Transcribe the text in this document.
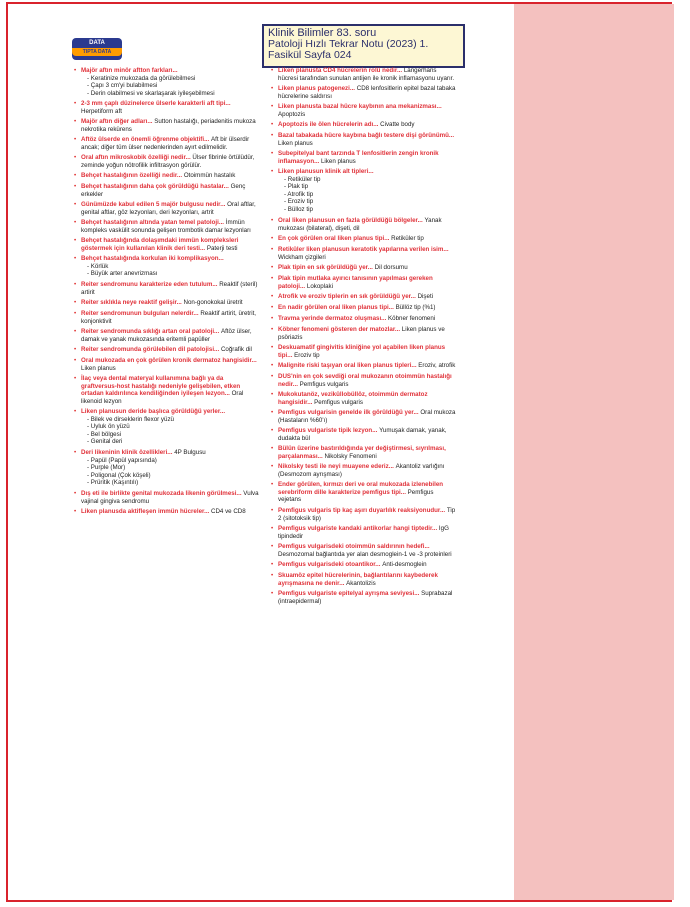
Klinik Bilimler 83. soru
Patoloji Hızlı Tekrar Notu (2023) 1.
Fasikül Sayfa 024
DATA
TIPTA DATA
• Majör aftın minör aftton farkları...
- Keratinize mukozada da görülebilmesi
- Çapı 3 cm'yi bulabilmesi
- Derin olabilmesi ve skarlaşarak iyileşebilmesi
• 2-3 mm çaplı düzinelerce ülserle karakterli aft tipi... Herpetiform aft
• Majör aftın diğer adları... Sutton hastalığı, periadenitis mukoza nekrotika rekürens
• Aftöz ülserde en önemli öğrenme objektifi... Aft bir ülserdir ancak; diğer tüm ülser nedenlerinden ayırt edilmelidir.
• Oral aftın mikroskobik özelliği nedir... Ülser fibrinle örtülüdür, zeminde yoğun nötrofilik infiltrasyon görülür.
• Behçet hastalığının özelliği nedir... Otoimmün hastalık
• Behçet hastalığının daha çok görüldüğü hastalar... Genç erkekler
• Günümüzde kabul edilen 5 majör bulgusu nedir... Oral aftlar, genital aftlar, göz lezyonları, deri lezyonları, artrit
• Behçet hastalığının altında yatan temel patoloji... İmmün kompleks vaskülit sonunda gelişen trombotik damar lezyonları
• Behçet hastalığında dolaşımdaki immün kompleksleri göstermek için kullanılan klinik deri testi... Paterji testi
• Behçet hastalığında korkulan iki komplikasyon...
- Körlük
- Büyük arter anevrizması
• Reiter sendromunu karakterize eden tutulum... Reaktif (steril) artirit
• Reiter sıklıkla neye reaktif gelişir... Non-gonokokal üretrit
• Reiter sendromunun bulguları nelerdir... Reaktif artirit, üretrit, konjonktivit
• Reiter sendromunda sıklığı artan oral patoloji... Aftöz ülser, damak ve yanak mukozasında eritemli papüller
• Reiter sendromunda görülebilen dil patolojisi... Coğrafik dil
• Oral mukozada en çok görülen kronik dermatoz hangisidir... Liken planus
• İlaç veya dental materyal kullanımına bağlı ya da graftversus-host hastalığı nedeniyle gelişebilen, etken ortadan kaldırılınca kendiliğinden iyileşen lezyon... Oral likenoid lezyon
• Liken planusun deride başlıca görüldüğü yerler...
- Bilek ve dirseklerin flexor yüzü
- Uyluk ön yüzü
- Bel bölgesi
- Genital deri
• Deri likeninin klinik özellikleri... 4P Bulgusu
- Papül (Papül yapısında)
- Purple (Mor)
- Poligonal (Çok köşeli)
- Prüritik (Kaşıntılı)
• Dış eti ile birlikte genital mukozada likenin görülmesi... Vulva vajinal gingiva sendromu
• Liken planusda aktifleşen immün hücreler... CD4 ve CD8
• Liken planusta CD4 hücrelerin rolü nedir... Langerhans hücresi tarafından sunulan antijen ile kronik inflamasyonu uyarır.
• Liken planus patogenezi... CD8 lenfositlerin epitel bazal tabaka hücrelerine saldırısı
• Liken planusta bazal hücre kaybının ana mekanizması... Apoptozis
• Apoptozis ile ölen hücrelerin adı... Civatte body
• Bazal tabakada hücre kaybına bağlı testere dişi görünümü... Liken planus
• Subepitelyal bant tarzında T lenfositlerin zengin kronik inflamasyon... Liken planus
• Liken planusun klinik alt tipleri...
- Retiküler tip
- Plak tip
- Atrofik tip
- Eroziv tip
- Bülloz tip
• Oral liken planusun en fazla görüldüğü bölgeler... Yanak mukozası (bilateral), dişeti, dil
• En çok görülen oral liken planus tipi... Retiküler tip
• Retiküler liken planusun keratotik yapılarına verilen isim... Wickham çizgileri
• Plak tipin en sık görüldüğü yer... Dil dorsumu
• Plak tipin mutlaka ayırıcı tanısının yapılması gereken patoloji... Lokoplaki
• Atrofik ve eroziv tiplerin en sık görüldüğü yer... Dişeti
• En nadir görülen oral liken planus tipi... Büllöz tip (%1)
• Travma yerinde dermatoz oluşması... Köbner fenomeni
• Köbner fenomeni gösteren der matozlar... Liken planus ve psöriazis
• Deskuamatif gingivitis kliniğine yol açabilen liken planus tipi... Eroziv tip
• Malignite riski taşıyan oral liken planus tipleri... Eroziv, atrofik
• DUS'nin en çok sevdiği oral mukozanın otoimmün hastalığı nedir... Pemfigus vulgaris
• Mukokutanöz, veziküllobüllöz, otoimmün dermatoz hangisidir... Pemfigus vulgaris
• Pemfigus vulgarisin genelde ilk görüldüğü yer... Oral mukoza (Hastaların %60'ı)
• Pemfigus vulgariste tipik lezyon... Yumuşak damak, yanak, dudakta bül
• Bülün üzerine bastırıldığında yer değiştirmesi, sıyrılması, parçalanması... Nikolsky Fenomeni
• Nikolsky testi ile neyi muayene ederiz... Akantoliz varlığını (Desmozom ayrışması)
• Ender görülen, kırmızı deri ve oral mukozada izlenebilen serebriform dille karakterize pemfigus tipi... Pemfigus vejetans
• Pemfigus vulgaris tip kaç aşırı duyarlılık reaksiyonudur... Tip 2 (sitotoksik tip)
• Pemfigus vulgariste kandaki antikorlar hangi tiptedir... IgG tipindedir
• Pemfigus vulgarisdeki otoimmün saldırının hedefi... Desmozomal bağlantıda yer alan desmoglein-1 ve -3 proteinleri
• Pemfigus vulgarisdeki otoantikor... Anti-desmoglein
• Skuamöz epitel hücrelerinin, bağlantılarını kaybederek ayrışmasına ne denir... Akantolizis
• Pemfigus vulgariste epitelyal ayrışma seviyesi... Suprabazal (intraepidermal)
